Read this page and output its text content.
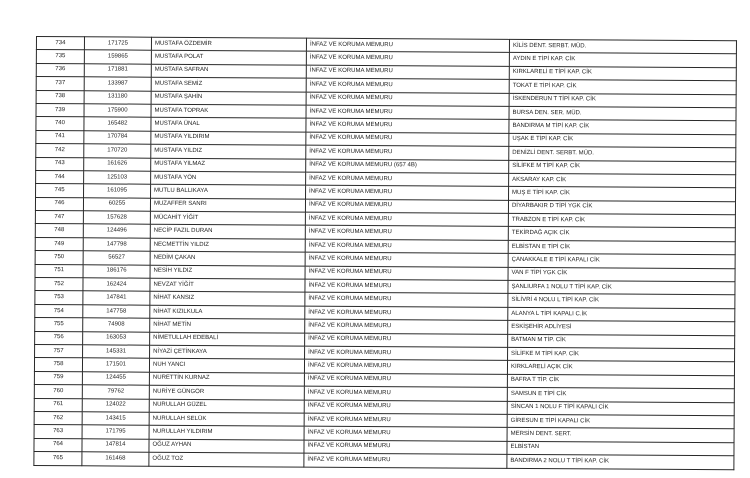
734	171725	MUSTAFA ÖZDEMİR	İNFAZ VE KORUMA MEMURU	KİLİS DENT. SERBT. MÜD.
735	159865	MUSTAFA POLAT	İNFAZ VE KORUMA MEMURU	AYDIN E TİPİ KAP. CİK
736	171881	MUSTAFA SAFRAN	İNFAZ VE KORUMA MEMURU	KIRKLARELİ E TİPİ KAP. CİK
737	133987	MUSTAFA SEMİZ	İNFAZ VE KORUMA MEMURU	TOKAT E TİPİ KAP. CİK
738	131180	MUSTAFA ŞAHİN	İNFAZ VE KORUMA MEMURU	İSKENDERUN T TİPİ KAP. CİK
739	175900	MUSTAFA TOPRAK	İNFAZ VE KORUMA MEMURU	BURSA DEN. SER. MÜD.
740	165482	MUSTAFA ÜNAL	İNFAZ VE KORUMA MEMURU	BANDIRMA M TİPİ KAP. CİK
741	170784	MUSTAFA YILDIRIM	İNFAZ VE KORUMA MEMURU	UŞAK E TİPİ KAP. CİK
742	170720	MUSTAFA YILDIZ	İNFAZ VE KORUMA MEMURU	DENİZLİ DENT. SERBT. MÜD.
743	161626	MUSTAFA YILMAZ	İNFAZ VE KORUMA MEMURU (657 4B)	SİLİFKE M TİPİ KAP. CİK
744	125103	MUSTAFA YÖN	İNFAZ VE KORUMA MEMURU	AKSARAY KAP. CİK
745	161095	MUTLU BALLIKAYA	İNFAZ VE KORUMA MEMURU	MUŞ E TİPİ KAP. CİK
746	60255	MUZAFFER SANRI	İNFAZ VE KORUMA MEMURU	DİYARBAKIR D TİPİ YGK CİK
747	157628	MÜCAHİT YİĞİT	İNFAZ VE KORUMA MEMURU	TRABZON E TİPİ KAP. CİK
748	124496	NECİP FAZIL DURAN	İNFAZ VE KORUMA MEMURU	TEKİRDAĞ AÇIK CİK
749	147798	NECMETTİN YILDIZ	İNFAZ VE KORUMA MEMURU	ELBİSTAN E TİPİ CİK
750	56527	NEDİM ÇAKAN	İNFAZ VE KORUMA MEMURU	ÇANAKKALE E TİPİ KAPALI CİK
751	186176	NESİH YILDIZ	İNFAZ VE KORUMA MEMURU	VAN F TİPİ YGK CİK
752	162424	NEVZAT YİĞİT	İNFAZ VE KORUMA MEMURU	ŞANLIURFA 1 NOLU T TİPİ KAP. CİK
753	147841	NİHAT KANSIZ	İNFAZ VE KORUMA MEMURU	SİLİVRİ 4 NOLU L TİPİ KAP. CİK
754	147758	NİHAT KIZILKULA	İNFAZ VE KORUMA MEMURU	ALANYA L TİPİ KAPALI C.İK
755	74908	NİHAT METİN	İNFAZ VE KORUMA MEMURU	ESKİŞEHİR ADLİYESİ
756	163053	NİMETULLAH EDEBALİ	İNFAZ VE KORUMA MEMURU	BATMAN M TİP. CİK
757	145331	NİYAZİ ÇETİNKAYA	İNFAZ VE KORUMA MEMURU	SİLİFKE M TİPİ KAP. CİK
758	171501	NUH YANCI	İNFAZ VE KORUMA MEMURU	KIRKLARELİ AÇIK CİK
759	124455	NURETTİN KURNAZ	İNFAZ VE KORUMA MEMURU	BAFRA T TİP. CİK
760	79762	NURİYE GÜNGÖR	İNFAZ VE KORUMA MEMURU	SAMSUN E TİPİ CİK
761	124022	NURULLAH GÜZEL	İNFAZ VE KORUMA MEMURU	SİNCAN 1 NOLU F TİPİ KAPALI CİK
762	143415	NURULLAH SELÜK	İNFAZ VE KORUMA MEMURU	GİRESUN E TİPİ KAPALI CİK
763	171795	NURULLAH YILDIRIM	İNFAZ VE KORUMA MEMURU	MERSİN DENT. SERT.
764	147814	OĞUZ AYHAN	İNFAZ VE KORUMA MEMURU	ELBİSTAN
765	161468	OĞUZ TOZ	İNFAZ VE KORUMA MEMURU	BANDIRMA 2 NOLU T TİPİ KAP. CİK
